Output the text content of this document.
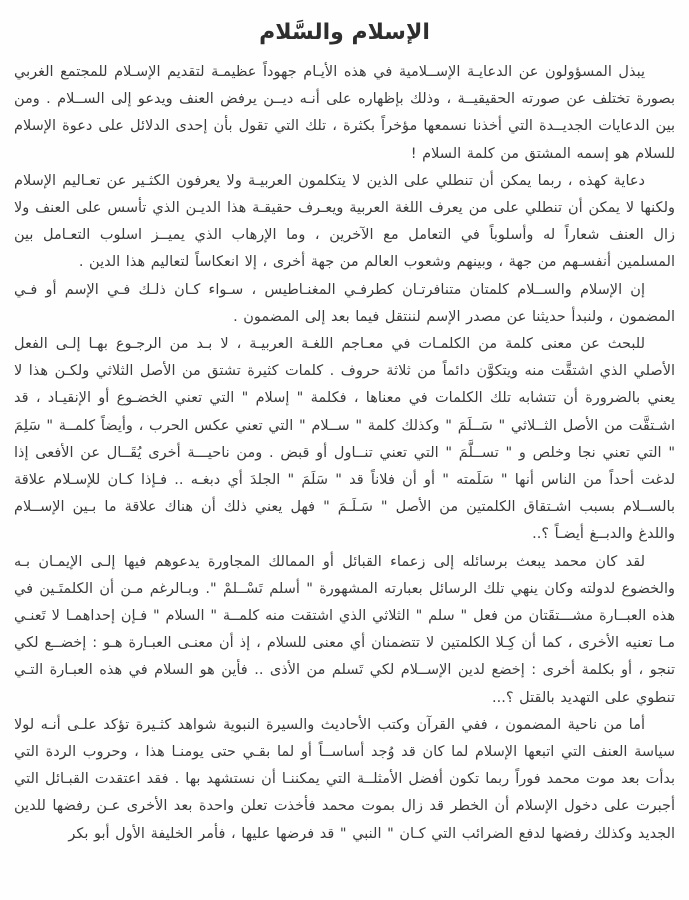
الإسلام والسَّلام

يبذل المسؤولون عن الدعايـة الإســلامية في هذه الأيـام جهوداً عظيمـة لتقديم الإسـلام للمجتمع الغربي بصورة تختلف عن صورته الحقيقيــة ، وذلك بإظهاره على أنـه ديــن يرفض العنف ويدعو إلى الســلام . ومن بين الدعايات الجديــدة التي أخذنا نسمعها مؤخراً بكثرة ، تلك التي تقول بأن إحدى الدلائل على دعوة الإسلام للسلام هو إسمه المشتق من كلمة السلام !

دعاية كهذه ، ربما يمكن أن تنطلي على الذين لا يتكلمون العربيـة ولا يعرفون الكثـير عن تعـاليم الإسلام ولكنها لا يمكن أن تنطلي على من يعرف اللغة العربية ويعـرف حقيقـة هذا الديـن الذي تأسس على العنف ولا زال العنف شعاراً له وأسلوباً في التعامل مع الآخرين ، وما الإرهاب الذي يميــز اسلوب التعـامل بين المسلمين أنفسـهم من جهة ، وبينهم وشعوب العالم من جهة أخرى ، إلا انعكاساً لتعاليم هذا الدين .

إن الإسلام والســلام كلمتان متنافرتـان كطرفـي المغنـاطيس ، سـواء كـان ذلـك فـي الإسم أو فـي المضمون ، ولنبدأ حديثنا عن مصدر الإسم لننتقل فيما بعد إلى المضمون .

للبحث عن معنى كلمة من الكلمـات في معـاجم اللغـة العربيـة ، لا بـد من الرجـوع بهـا إلـى الفعل الأصلي الذي اشتقَّت منه ويتكوَّن دائماً من ثلاثة حروف . كلمات كثيرة تشتق من الأصل الثلاثي ولكـن هذا لا يعني بالضرورة أن تتشابه تلك الكلمات في معناها ، فكلمة " إسلام " التي تعني الخضـوع أو الإنقيـاد ، قد اشـتقَّت من الأصل الثــلاثي " سَــلَمَ " وكذلك كلمة " ســلام " التي تعني عكس الحرب ، وأيضاً كلمــة " سَلِمَ " التي تعني نجا وخلص و " تســلَّمَ " التي تعني تنــاول أو قبض . ومن ناحيـــة أخرى يُقَــال عن الأفعى إذا لدغت أحداً من الناس أنها " سَلَمته " أو أن فلاناً قد " سَلَمَ " الجلدَ أي دبغـه .. فـإذا كـان للإسـلام علاقة بالســلام بسبب اشـتقاق الكلمتين من الأصل " سَـلَـمَ " فهل يعني ذلك أن هناك علاقة ما بـين الإســلام واللدغ والدبــغ أيضـاً ؟..

لقد كان محمد يبعث برسائله إلى زعماء القبائل أو الممالك المجاورة يدعوهم فيها إلـى الإيمـان بـه والخضوع لدولته وكان ينهي تلك الرسائل بعبارته المشهورة " أسلم تَسْــلمْ ". وبـالرغم مـن أن الكلمتَـين في هذه العبــارة مشـــتقَتان من فعل " سلم " الثلاثي الذي اشتقت منه كلمــة " السلام " فـإن إحداهمـا لا تَعنـي مـا تعنيه الأخرى ، كما أن كِـلا الكلمتين لا تتضمنان أي معنى للسلام ، إذ أن معنـى العبـارة هـو : إخضــع لكي تنجو ، أو بكلمة أخرى : إخضع لدين الإســلام لكي تَسلم من الأذى .. فأين هو السلام في هذه العبـارة التـي تنطوي على التهديد بالقتل ؟...

أما من ناحية المضمون ، ففي القرآن وكتب الأحاديث والسيرة النبوية شواهد كثـيرة تؤكد علـى أنـه لولا سياسة العنف التي اتبعها الإسلام لما كان قد وُجد أساســاً أو لما بقـي حتى يومنـا هذا ، وحروب الردة التي بدأت بعد موت محمد فوراً ربما تكون أفضل الأمثلــة التي يمكننـا أن نستشهد بها . فقد اعتقدت القبـائل التي أجبرت على دخول الإسلام أن الخطر قد زال بموت محمد فأخذت تعلن واحدة بعد الأخرى عـن رفضها للدين الجديد وكذلك رفضها لدفع الضرائب التي كـان " النبي " قد فرضها عليها ، فأمر الخليفة الأول أبو بكر
